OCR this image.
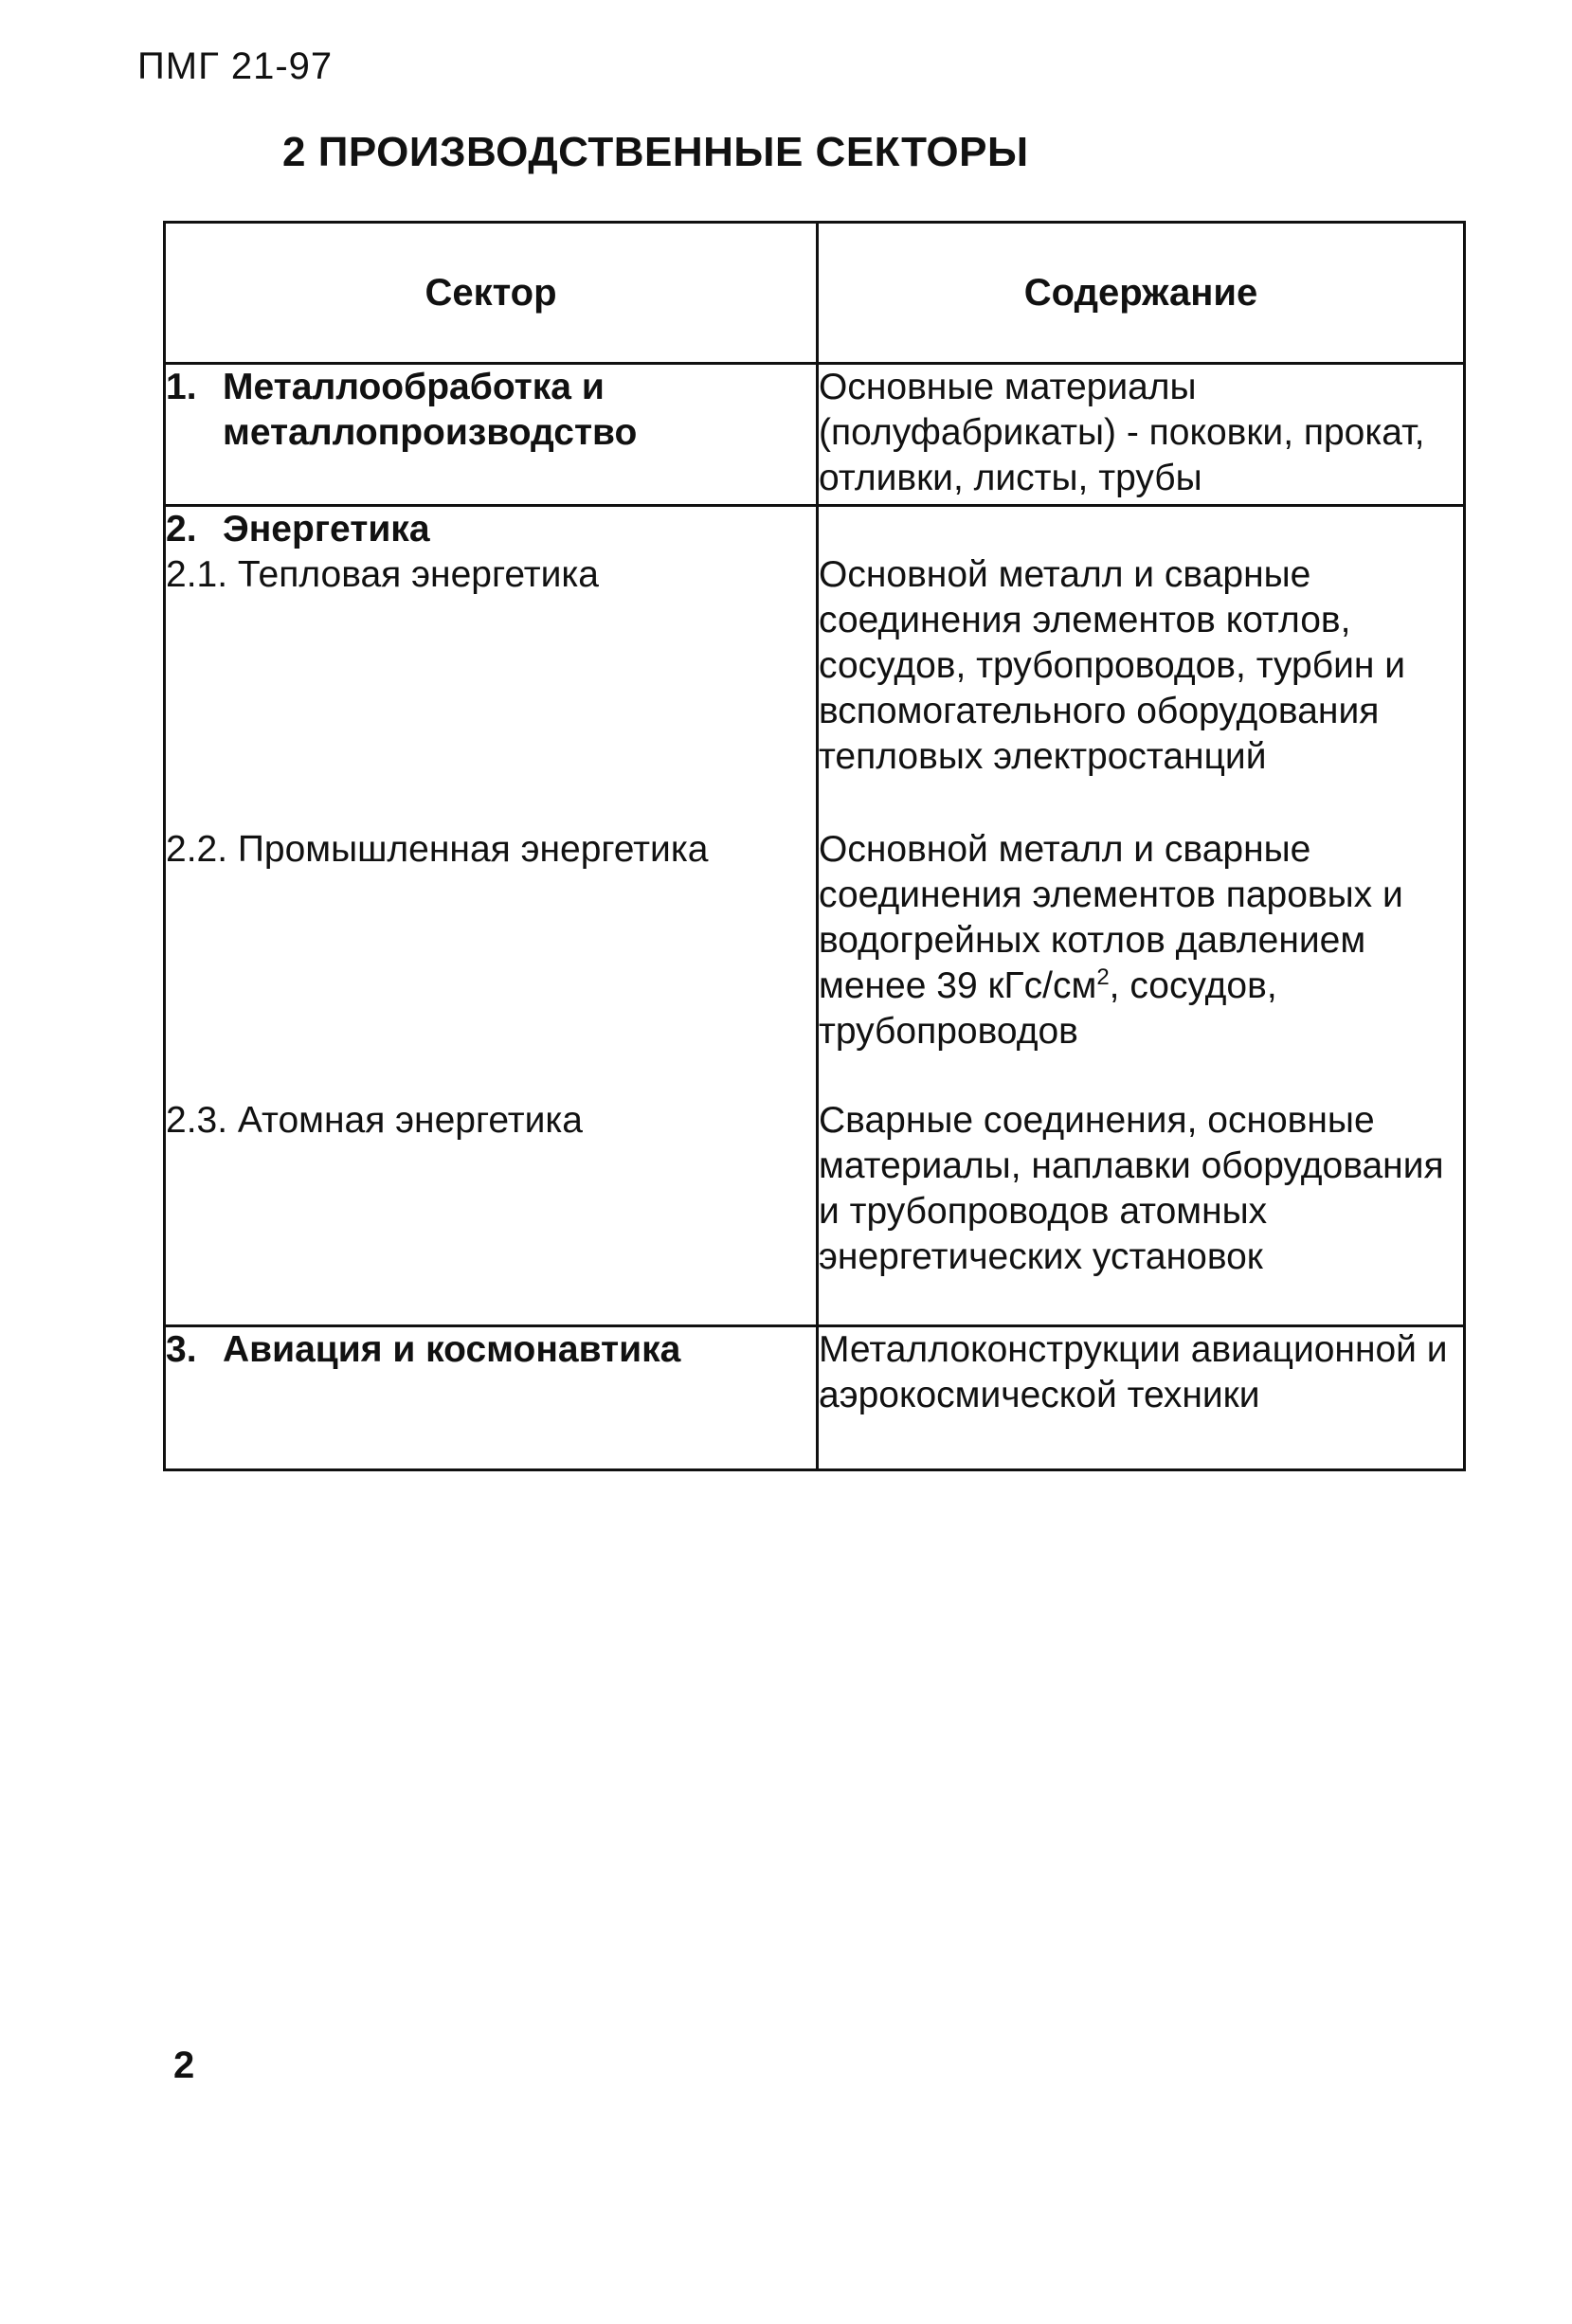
ПМГ 21-97
2 ПРОИЗВОДСТВЕННЫЕ СЕКТОРЫ
Сектор	Содержание

1. Металлообработка и металлопроизводство	Основные материалы (полуфабрикаты) - поковки, прокат, отливки, листы, трубы

2. Энергетика	

2.1. Тепловая энергетика	Основной металл и сварные соединения элементов котлов, сосудов, трубопроводов, турбин и вспомогательного оборудования тепловых электростанций
2.2. Промышленная энергетика	Основной металл и сварные соединения элементов паровых и водогрейных котлов давлением менее 39 кГс/$см^2$, сосудов, трубопроводов
2.3. Атомная энергетика	Сварные соединения, основные материалы, наплавки оборудования и трубопроводов атомных энергетических установок

3. Авиация и космонавтика	Металлоконструкции авиационной и аэрокосмической техники
2
